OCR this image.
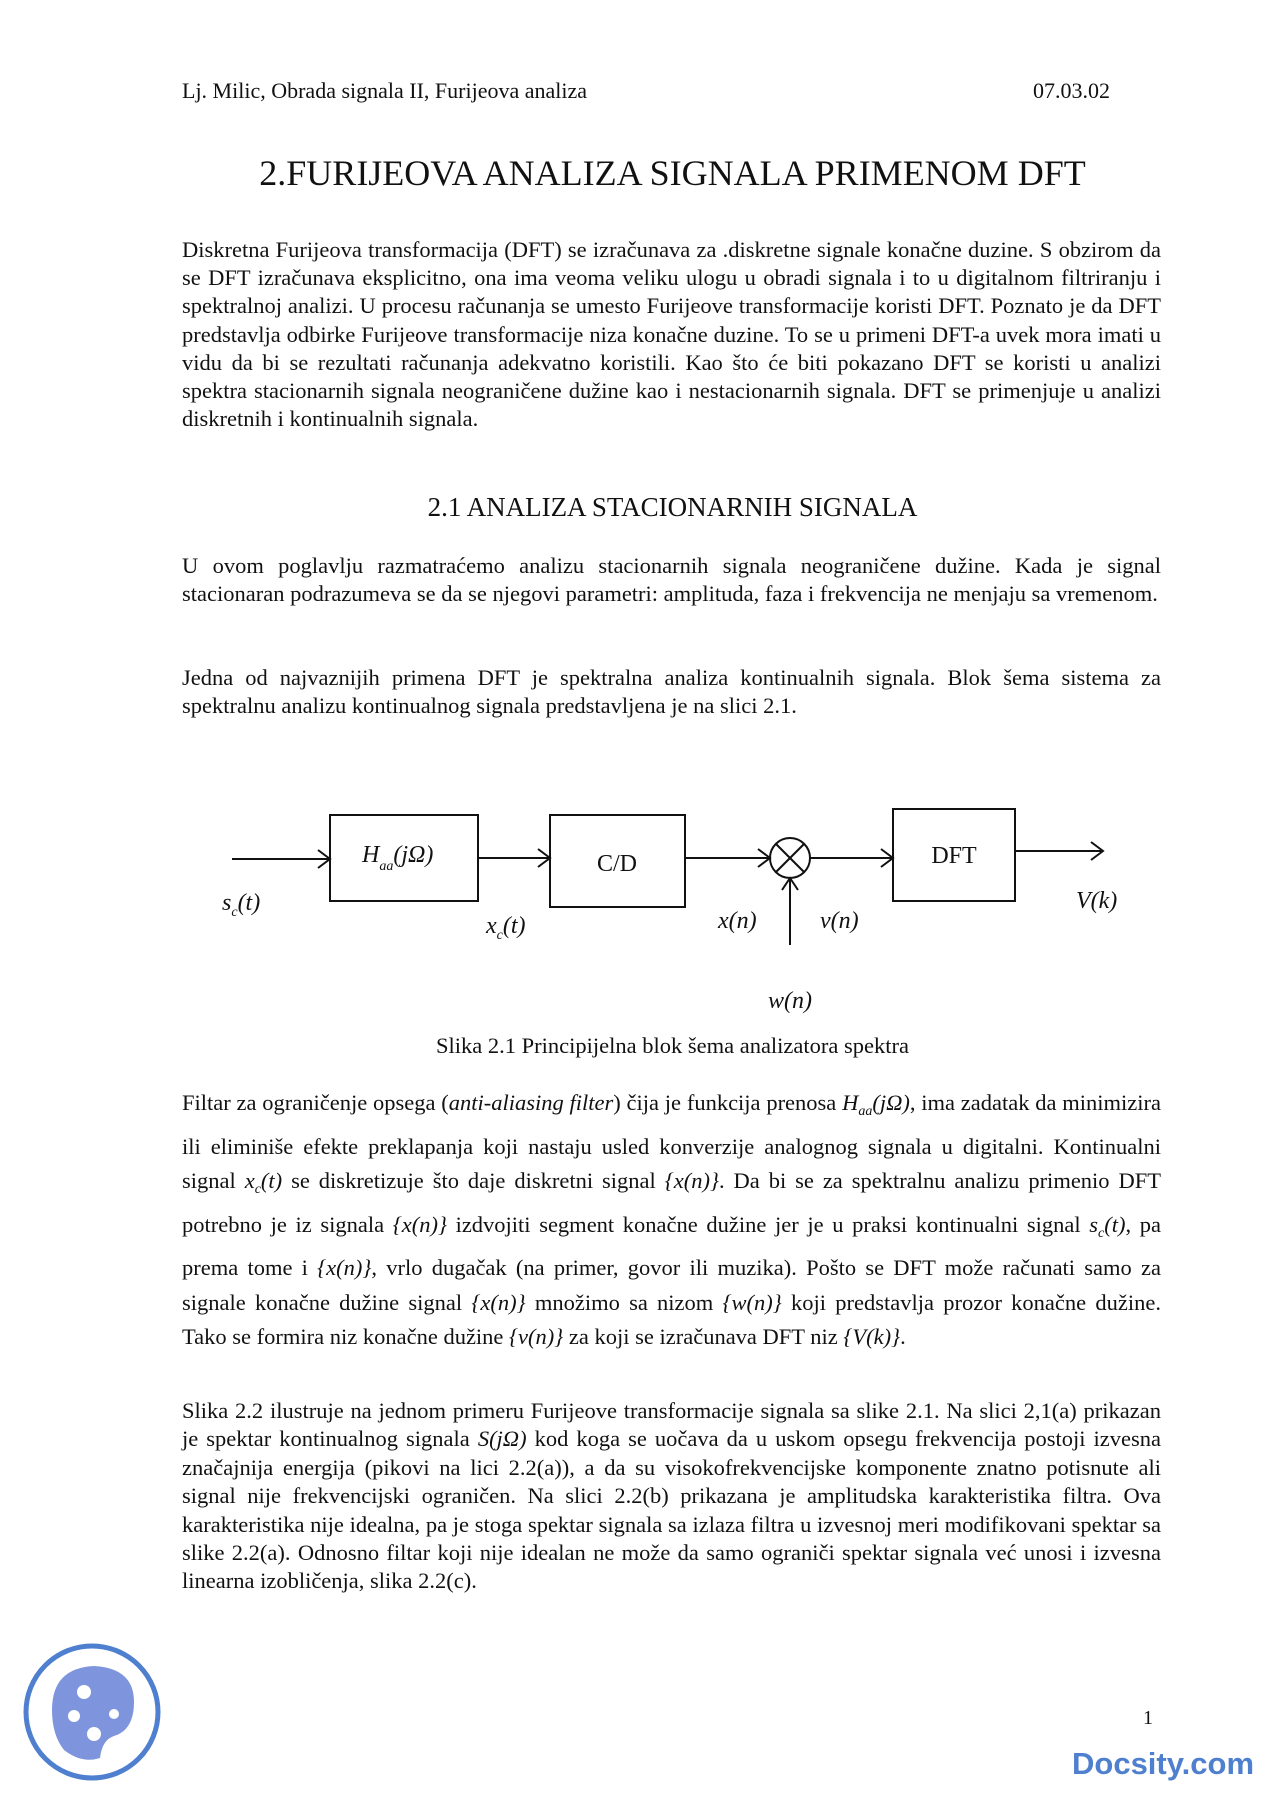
Lj. Milic, Obrada signala II, Furijeova analiza	07.03.02
2.FURIJEOVA ANALIZA SIGNALA PRIMENOM DFT
Diskretna Furijeova transformacija (DFT) se izračunava za .diskretne signale konačne duzine. S obzirom da se DFT izračunava eksplicitno, ona ima veoma veliku ulogu u obradi signala i to u digitalnom filtriranju i spektralnoj analizi. U procesu računanja se umesto Furijeove transformacije koristi DFT. Poznato je da DFT predstavlja odbirke Furijeove transformacije niza konačne duzine. To se u primeni DFT-a uvek mora imati u vidu da bi se rezultati računanja adekvatno koristili. Kao što će biti pokazano DFT se koristi u analizi spektra stacionarnih signala neograničene dužine kao i nestacionarnih signala. DFT se primenjuje u analizi diskretnih i kontinualnih signala.
2.1 ANALIZA STACIONARNIH SIGNALA
U ovom poglavlju razmatraćemo analizu stacionarnih signala neograničene dužine. Kada je signal stacionaran podrazumeva se da se njegovi parametri: amplituda, faza i frekvencija ne menjaju sa vremenom.
Jedna od najvaznijih primena DFT je spektralna analiza kontinualnih signala. Blok šema sistema za spektralnu analizu kontinualnog signala predstavljena je na slici 2.1.
$H_{aa}(j\Omega)$	C/D	DFT
$s_c(t)$
$x_c(t)$	x(n)	v(n)
V(k)
w(n)
Slika 2.1 Principijelna blok šema analizatora spektra
Filtar za ograničenje opsega (anti-aliasing filter) čija je funkcija prenosa $H_{aa}(j\Omega)$, ima zadatak da minimizira ili eliminiše efekte preklapanja koji nastaju usled konverzije analognog signala u digitalni. Kontinualni signal $x_c(t)$ se diskretizuje što daje diskretni signal {x(n)}. Da bi se za spektralnu analizu primenio DFT potrebno je iz signala {x(n)} izdvojiti segment konačne dužine jer je u praksi kontinualni signal $s_c(t)$, pa prema tome i {x(n)}, vrlo dugačak (na primer, govor ili muzika). Pošto se DFT može računati samo za signale konačne dužine signal {x(n)} množimo sa nizom {w(n)} koji predstavlja prozor konačne dužine. Tako se formira niz konačne dužine {v(n)} za koji se izračunava DFT niz {V(k)}.
Slika 2.2 ilustruje na jednom primeru Furijeove transformacije signala sa slike 2.1. Na slici 2,1(a) prikazan je spektar kontinualnog signala S(jΩ) kod koga se uočava da u uskom opsegu frekvencija postoji izvesna značajnija energija (pikovi na lici 2.2(a)), a da su visokofrekvencijske komponente znatno potisnute ali signal nije frekvencijski ograničen. Na slici 2.2(b) prikazana je amplitudska karakteristika filtra. Ova karakteristika nije idealna, pa je stoga spektar signala sa izlaza filtra u izvesnoj meri modifikovani spektar sa slike 2.2(a). Odnosno filtar koji nije idealan ne može da samo ograniči spektar signala već unosi i izvesna linearna izobličenja, slika 2.2(c).
1
Docsity.com
